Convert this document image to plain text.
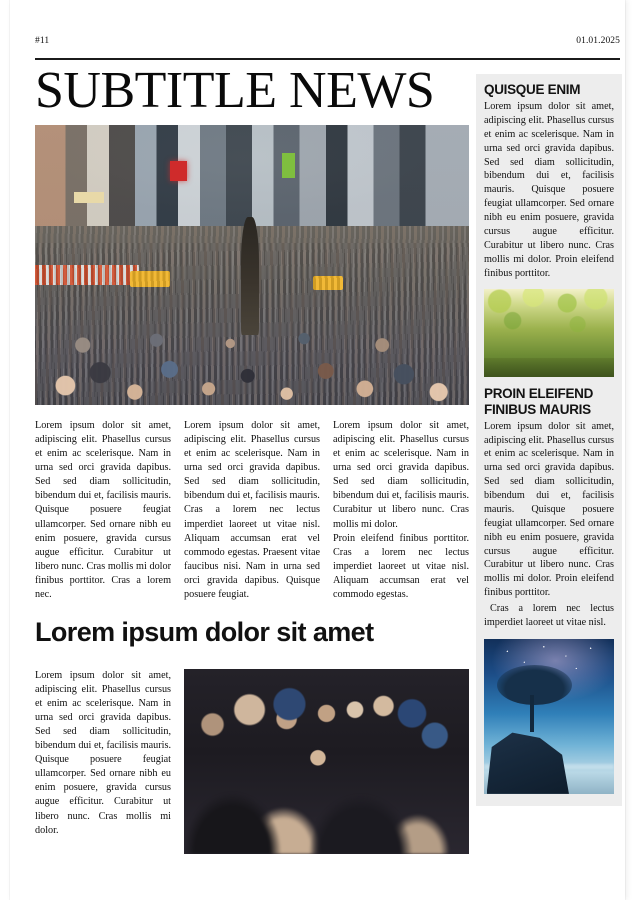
#11	01.01.2025
SUBTITLE NEWS

Lorem ipsum dolor sit amet, adipiscing elit. Phasellus cursus et enim ac scelerisque. Nam in urna sed orci gravida dapibus. Sed sed diam sollicitudin, bibendum dui et, facilisis mauris. Quisque posuere feugiat ullamcorper. Sed ornare nibh eu enim posuere, gravida cursus augue efficitur. Curabitur ut libero nunc. Cras mollis mi dolor finibus porttitor. Cras a lorem nec.

Lorem ipsum dolor sit amet, adipiscing elit. Phasellus cursus et enim ac scelerisque. Nam in urna sed orci gravida dapibus. Sed sed diam sollicitudin, bibendum dui et, facilisis mauris.

Cras a lorem nec lectus imperdiet laoreet ut vitae nisl. Aliquam accumsan erat vel commodo egestas. Praesent vitae faucibus nisi. Nam in urna sed orci gravida dapibus. Quisque posuere feugiat.

Lorem ipsum dolor sit amet, adipiscing elit. Phasellus cursus et enim ac scelerisque. Nam in urna sed orci gravida dapibus. Sed sed diam sollicitudin, bibendum dui et, facilisis mauris. Curabitur ut libero nunc. Cras mollis mi dolor.

Proin eleifend finibus porttitor. Cras a lorem nec lectus imperdiet laoreet ut vitae nisl. Aliquam accumsan erat vel commodo egestas.

Lorem ipsum dolor sit amet

Lorem ipsum dolor sit amet, adipiscing elit. Phasellus cursus et enim ac scelerisque. Nam in urna sed orci gravida dapibus. Sed sed diam sollicitudin, bibendum dui et, facilisis mauris. Quisque posuere feugiat ullamcorper. Sed ornare nibh eu enim posuere, gravida cursus augue efficitur. Curabitur ut libero nunc. Cras mollis mi dolor.

QUISQUE ENIM

Lorem ipsum dolor sit amet, adipiscing elit. Phasellus cursus et enim ac scelerisque. Nam in urna sed orci gravida dapibus. Sed sed diam sollicitudin, bibendum dui et, facilisis mauris. Quisque posuere feugiat ullamcorper. Sed ornare nibh eu enim posuere, gravida cursus augue efficitur. Curabitur ut libero nunc. Cras mollis mi dolor. Proin eleifend finibus porttitor.

PROIN ELEIFEND FINIBUS MAURIS

Lorem ipsum dolor sit amet, adipiscing elit. Phasellus cursus et enim ac scelerisque. Nam in urna sed orci gravida dapibus. Sed sed diam sollicitudin, bibendum dui et, facilisis mauris. Quisque posuere feugiat ullamcorper. Sed ornare nibh eu enim posuere, gravida cursus augue efficitur. Curabitur ut libero nunc. Cras mollis mi dolor. Proin eleifend finibus porttitor.

Cras a lorem nec lectus imperdiet laoreet ut vitae nisl.
